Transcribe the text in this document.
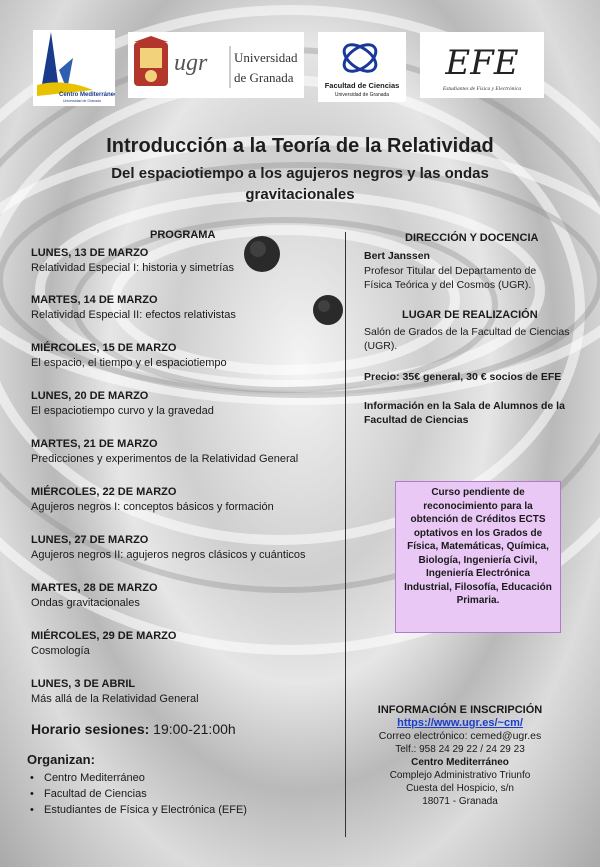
Centro Mediterráneo
Universidad de Granada
ugr Universidad
de Granada
Facultad de Ciencias
Universidad de Granada
EFE
Estudiantes de Física y Electrónica
Introducción a la Teoría de la Relatividad
Del espaciotiempo a los agujeros negros y las ondas gravitacionales
PROGRAMA
LUNES, 13 DE MARZO
Relatividad Especial I: historia y simetrías
MARTES, 14 DE MARZO
Relatividad Especial II: efectos relativistas
MIÉRCOLES, 15 DE MARZO
El espacio, el tiempo y el espaciotiempo
LUNES, 20 DE MARZO
El espaciotiempo curvo y la gravedad
MARTES, 21 DE MARZO
Predicciones y experimentos de la Relatividad General
MIÉRCOLES, 22 DE MARZO
Agujeros negros I: conceptos básicos y formación
LUNES, 27 DE MARZO
Agujeros negros II: agujeros negros clásicos y cuánticos
MARTES, 28 DE MARZO
Ondas gravitacionales
MIÉRCOLES, 29 DE MARZO
Cosmología
LUNES, 3 DE ABRIL
Más allá de la Relatividad General
Horario sesiones: 19:00-21:00h
Organizan:
• Centro Mediterráneo
• Facultad de Ciencias
• Estudiantes de Física y Electrónica (EFE)
DIRECCIÓN Y DOCENCIA
Bert Janssen
Profesor Titular del Departamento de Física Teórica y del Cosmos (UGR).
LUGAR DE REALIZACIÓN
Salón de Grados de la Facultad de Ciencias (UGR).
Precio: 35€ general, 30 € socios de EFE
Información en la Sala de Alumnos de la Facultad de Ciencias
Curso pendiente de reconocimiento para la obtención de Créditos ECTS optativos en los Grados de Física, Matemáticas, Química, Biología, Ingeniería Civil, Ingeniería Electrónica Industrial, Filosofía, Educación Primaria.
INFORMACIÓN E INSCRIPCIÓN
https://www.ugr.es/~cm/
Correo electrónico: cemed@ugr.es
Telf.: 958 24 29 22 / 24 29 23
Centro Mediterráneo
Complejo Administrativo Triunfo
Cuesta del Hospicio, s/n
18071 - Granada
